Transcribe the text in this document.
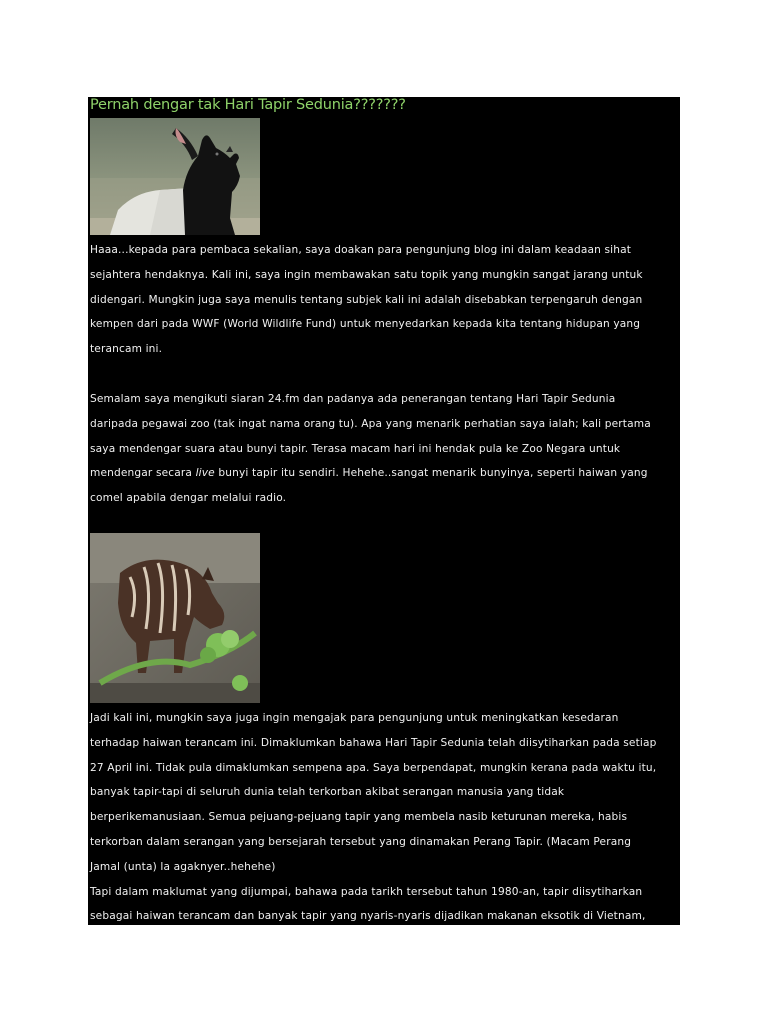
Pernah dengar tak Hari Tapir Sedunia???????
Haaa...kepada para pembaca sekalian, saya doakan para pengunjung blog ini dalam keadaan sihat
sejahtera hendaknya. Kali ini, saya ingin membawakan satu topik yang mungkin sangat jarang untuk
didengari. Mungkin juga saya menulis tentang subjek kali ini adalah disebabkan terpengaruh dengan
kempen dari pada WWF (World Wildlife Fund) untuk menyedarkan kepada kita tentang hidupan yang
terancam ini.
Semalam saya mengikuti siaran 24.fm dan padanya ada penerangan tentang Hari Tapir Sedunia
daripada pegawai zoo (tak ingat nama orang tu). Apa yang menarik perhatian saya ialah; kali pertama
saya mendengar suara atau bunyi tapir. Terasa macam hari ini hendak pula ke Zoo Negara untuk
mendengar secara live bunyi tapir itu sendiri. Hehehe..sangat menarik bunyinya, seperti haiwan yang
comel apabila dengar melalui radio.
Jadi kali ini, mungkin saya juga ingin mengajak para pengunjung untuk meningkatkan kesedaran
terhadap haiwan terancam ini. Dimaklumkan bahawa Hari Tapir Sedunia telah diisytiharkan pada setiap
27 April ini. Tidak pula dimaklumkan sempena apa. Saya berpendapat, mungkin kerana pada waktu itu,
banyak tapir-tapi di seluruh dunia telah terkorban akibat serangan manusia yang tidak
berperikemanusiaan. Semua pejuang-pejuang tapir yang membela nasib keturunan mereka, habis
terkorban dalam serangan yang bersejarah tersebut yang dinamakan Perang Tapir. (Macam Perang
Jamal (unta) la agaknyer..hehehe)
Tapi dalam maklumat yang dijumpai, bahawa pada tarikh tersebut tahun 1980-an, tapir diisytiharkan
sebagai haiwan terancam dan banyak tapir yang nyaris-nyaris dijadikan makanan eksotik di Vietnam,
